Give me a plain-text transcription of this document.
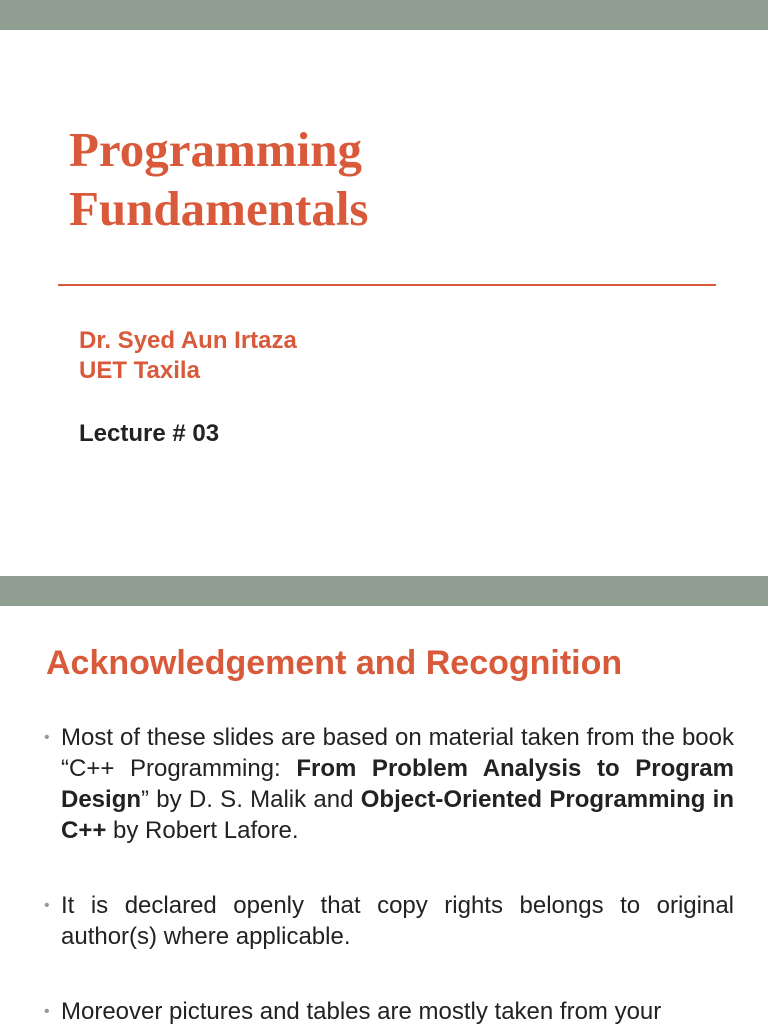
Programming
Fundamentals
Dr. Syed Aun Irtaza
UET Taxila
Lecture # 03
Acknowledgement and Recognition
• Most of these slides are based on material taken from the book “C++ Programming: From Problem Analysis to Program Design” by D. S. Malik and Object-Oriented Programming in C++ by Robert Lafore.
• It is declared openly that copy rights belongs to original author(s) where applicable.
• Moreover pictures and tables are mostly taken from your
